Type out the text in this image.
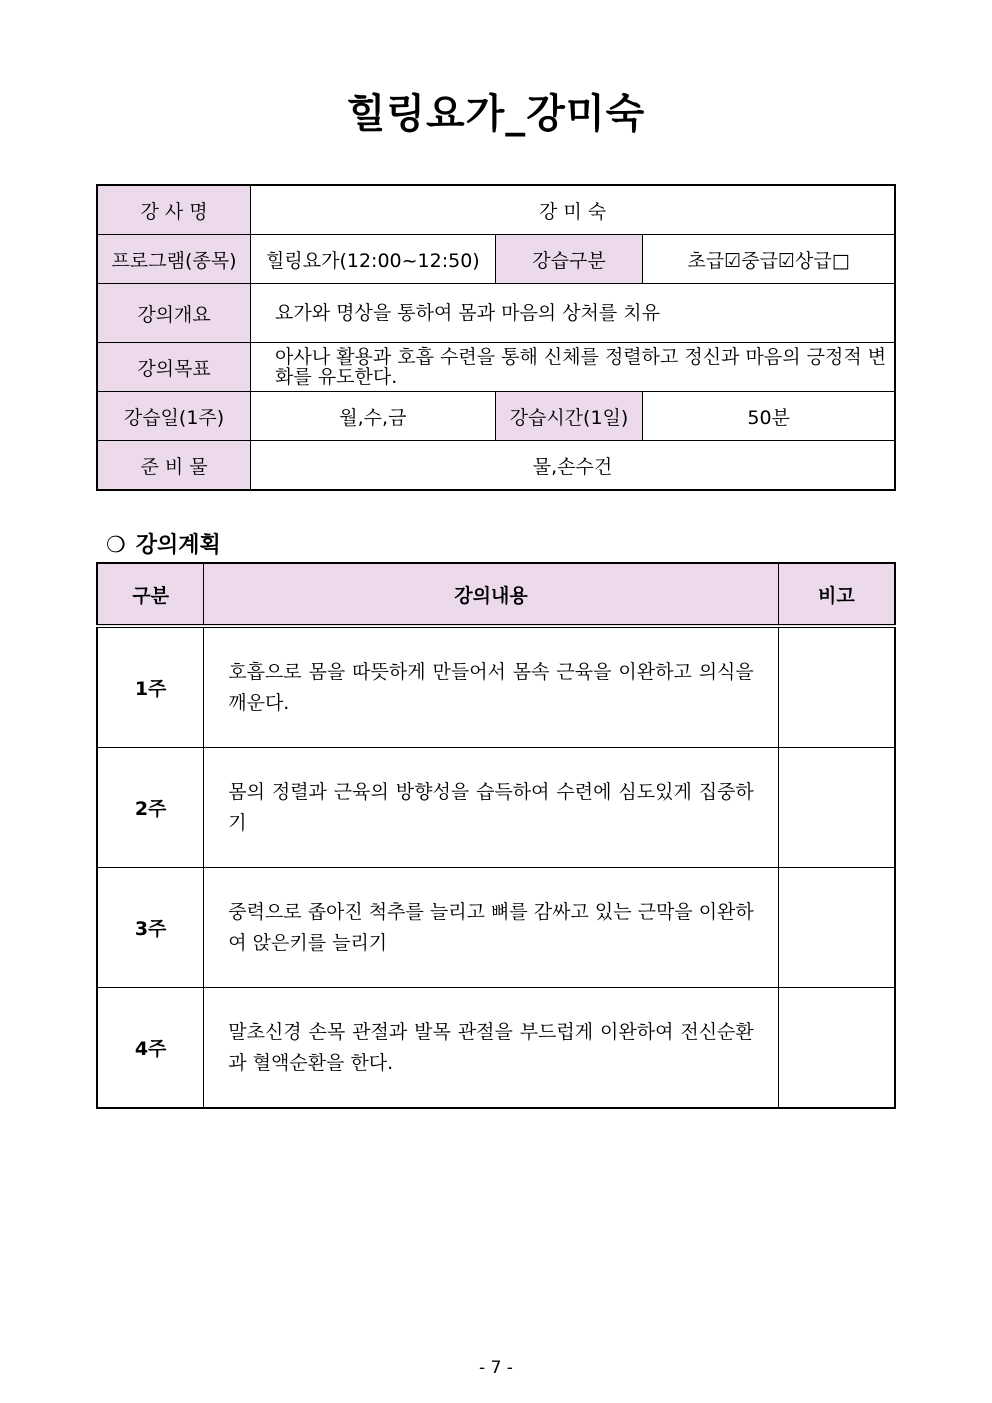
힐링요가_강미숙
강 사 명	강 미 숙		
프로그램(종목)	힐링요가(12:00~12:50)	강습구분	초급☑중급☑상급□
강의개요	요가와 명상을 통하여 몸과 마음의 상처를 치유		
강의목표	아사나 활용과 호흡 수련을 통해 신체를 정렬하고 정신과 마음의 긍정적 변화를 유도한다.		
강습일(1주)	월,수,금	강습시간(1일)	50분
준 비 물	물,손수건		
❍ 강의계획
구분	강의내용	비고
1주	호흡으로 몸을 따뜻하게 만들어서 몸속 근육을 이완하고 의식을 깨운다.	
2주	몸의 정렬과 근육의 방향성을 습득하여 수련에 심도있게 집중하기	
3주	중력으로 좁아진 척추를 늘리고 뼈를 감싸고 있는 근막을 이완하여 앉은키를 늘리기	
4주	말초신경 손목 관절과 발목 관절을 부드럽게 이완하여 전신순환과 혈액순환을 한다.	
- 7 -
